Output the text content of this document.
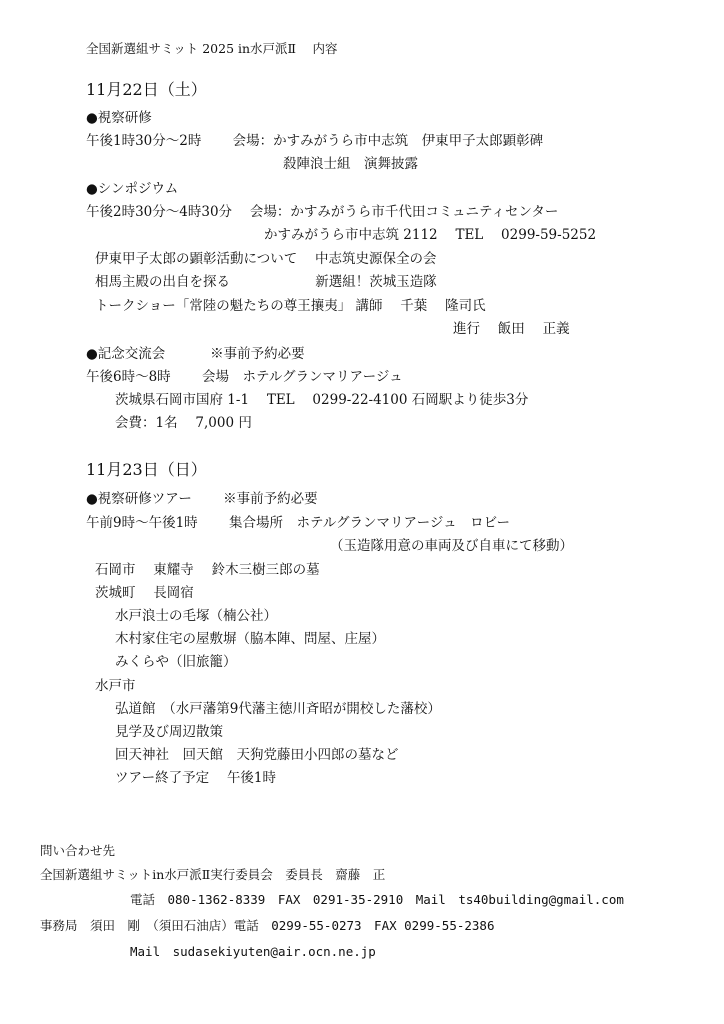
全国新選組サミット 2025 in水戸派Ⅱ　 内容
11月22日（土）
●視察研修
午後1時30分～2時　　 会場：かすみがうら市中志筑　伊東甲子太郎顕彰碑
殺陣浪士組　演舞披露
●シンポジウム
午後2時30分～4時30分　 会場：かすみがうら市千代田コミュニティセンター
かすみがうら市中志筑 2112　 TEL　 0299-59-5252
伊東甲子太郎の顕彰活動について　 中志筑史源保全の会
相馬主殿の出自を探る　　　　　　 新選組！茨城玉造隊
トークショー「常陸の魁たちの尊王攘夷」 講師　 千葉　 隆司氏
進行　 飯田　 正義
●記念交流会　　　 ※事前予約必要
午後6時～8時　　 会場　ホテルグランマリアージュ
茨城県石岡市国府 1-1　 TEL　 0299-22-4100 石岡駅より徒歩3分
会費：1名　 7,000 円
11月23日（日）
●視察研修ツアー　　 ※事前予約必要
午前9時～午後1時　　 集合場所　ホテルグランマリアージュ　ロビー
（玉造隊用意の車両及び自車にて移動）
石岡市　 東耀寺　 鈴木三樹三郎の墓
茨城町　 長岡宿
水戸浪士の毛塚（楠公社）
木村家住宅の屋敷塀（脇本陣、問屋、庄屋）
みくらや（旧旅籠）
水戸市
弘道館　（水戸藩第9代藩主徳川斉昭が開校した藩校）
見学及び周辺散策
回天神社　回天館　天狗党藤田小四郎の墓など
ツアー終了予定　 午後1時
問い合わせ先
全国新選組サミットin水戸派Ⅱ実行委員会　委員長　齋藤　正
電話　080-1362-8339　FAX　0291-35-2910　Mail　ts40building@gmail.com
事務局　須田　剛　（須田石油店）電話　0299-55-0273　FAX 0299-55-2386
Mail　sudasekiyuten@air.ocn.ne.jp
